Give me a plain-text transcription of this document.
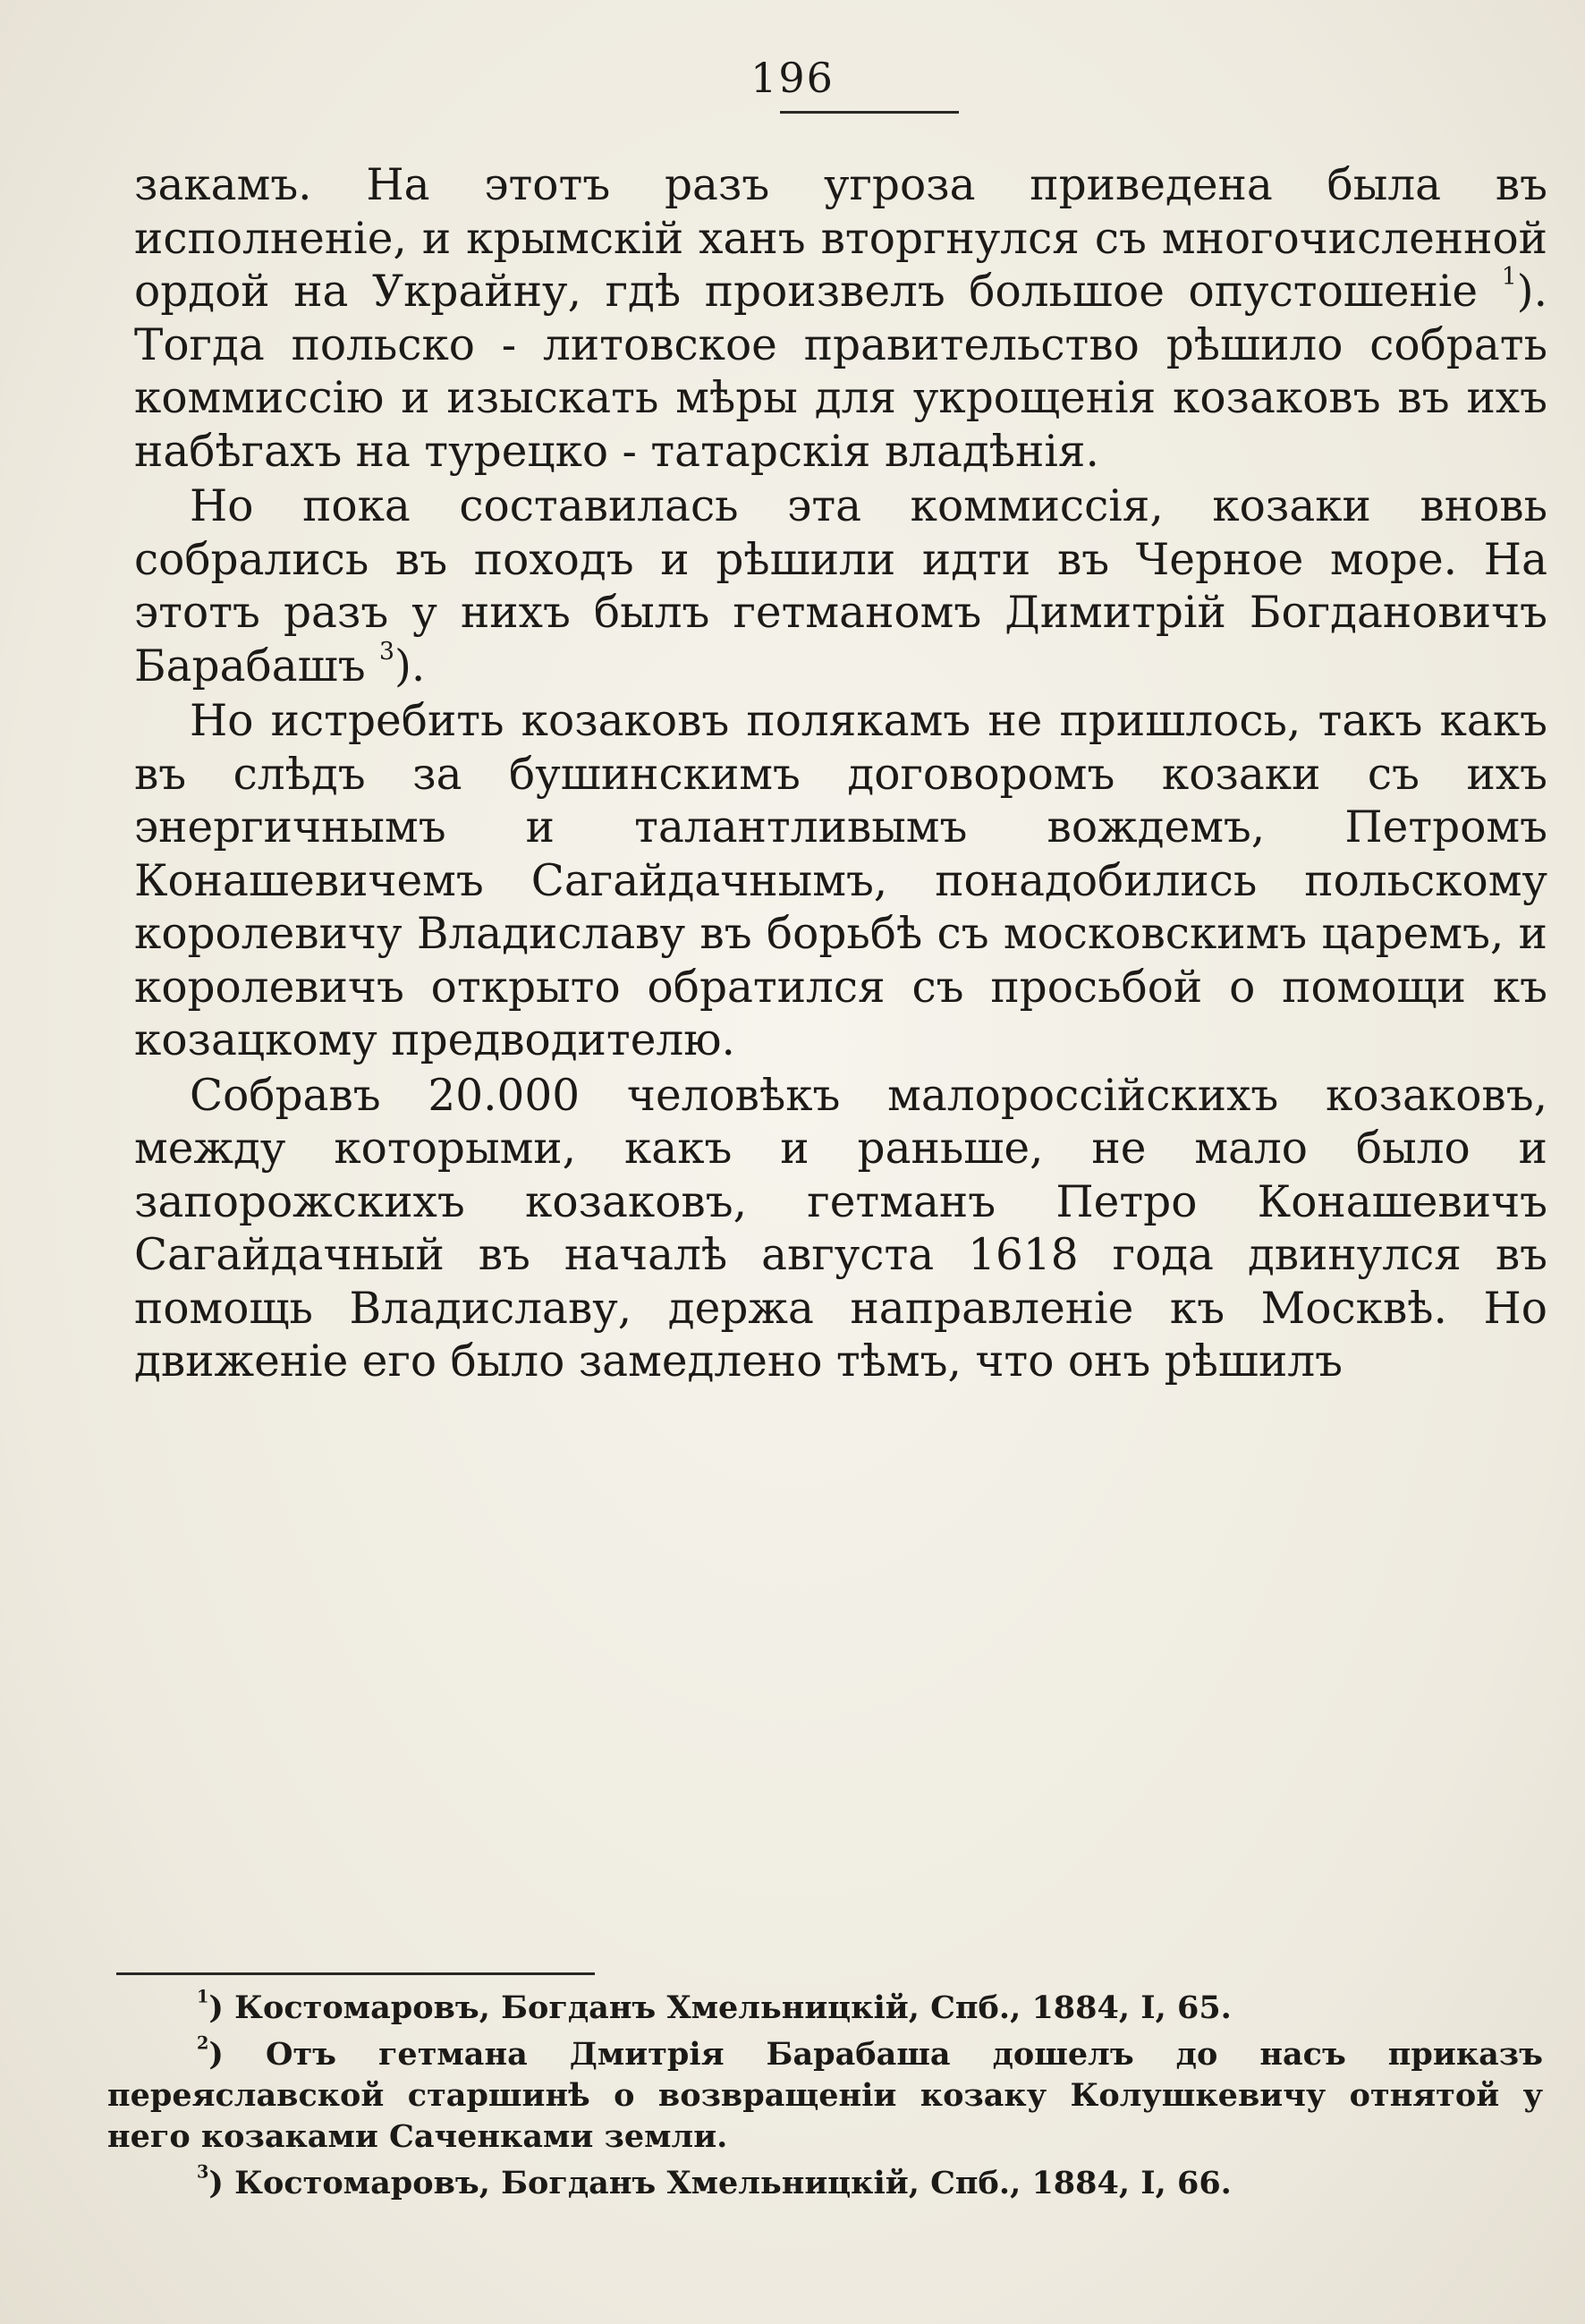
196

закамъ. На этотъ разъ угроза приведена была въ исполненіе, и крымскій ханъ вторгнулся съ многочисленной ордой на Украйну, гдѣ произвелъ большое опустошеніе $^1$). Тогда польско - литовское правительство рѣшило собрать коммиссію и изыскать мѣры для укрощенія козаковъ въ ихъ набѣгахъ на турецко - татарскія владѣнія.

Но пока составилась эта коммиссія, козаки вновь собрались въ походъ и рѣшили идти въ Черное море. На этотъ разъ у нихъ былъ гетманомъ Димитрій Богдановичъ Барабашъ $^3$).

Но истребить козаковъ полякамъ не пришлось, такъ какъ въ слѣдъ за бушинскимъ договоромъ козаки съ ихъ энергичнымъ и талантливымъ вождемъ, Петромъ Конашевичемъ Сагайдачнымъ, понадобились польскому королевичу Владиславу въ борьбѣ съ московскимъ царемъ, и королевичъ открыто обратился съ просьбой о помощи къ козацкому предводителю.

Собравъ 20.000 человѣкъ малороссійскихъ козаковъ, между которыми, какъ и раньше, не мало было и запорожскихъ козаковъ, гетманъ Петро Конашевичъ Сагайдачный въ началѣ августа 1618 года двинулся въ помощь Владиславу, держа направленіе къ Москвѣ. Но движеніе его было замедлено тѣмъ, что онъ рѣшилъ

$^1$) Костомаровъ, Богданъ Хмельницкій, Спб., 1884, I, 65.

$^2$) Отъ гетмана Дмитрія Барабаша дошелъ до насъ приказъ переяславской старшинѣ о возвращеніи козаку Колушкевичу отнятой у него козаками Саченками земли.

$^3$) Костомаровъ, Богданъ Хмельницкій, Спб., 1884, I, 66.
